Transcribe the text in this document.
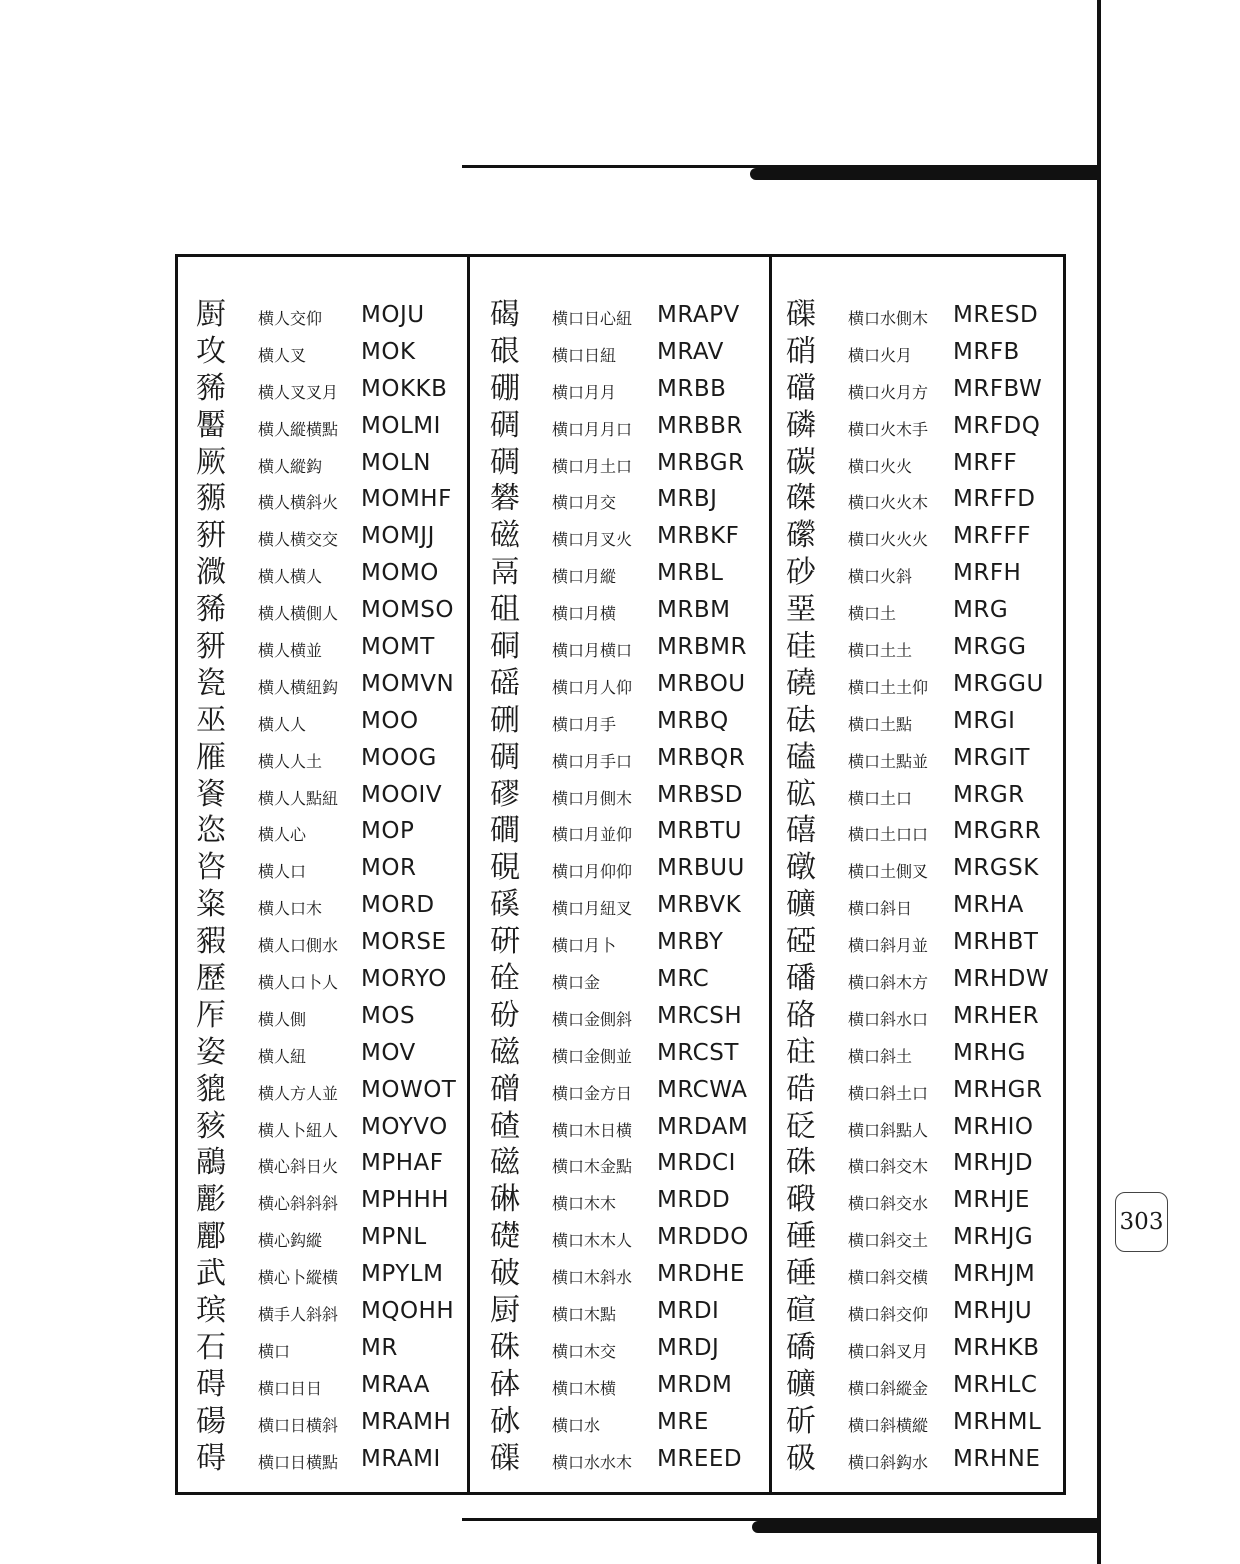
㕑 横人交仰 MOJU
攻 横人叉 MOK
豨 横人叉叉月 MOKKB
靨 横人縱横點 MOLMI
厥 横人縱鈎 MOLN
豲 横人横斜火 MOMHF
豣 横人横交交 MOMJJ
㵟 横人横人 MOMO
豨 横人横側人 MOMSO
豜 横人横並 MOMT
瓷 横人横紐鈎 MOMVN
巫 横人人 MOO
雁 横人人土 MOOG
餈 横人人點紐 MOOIV
恣 横人心 MOP
咨 横人口 MOR
粢 横人口木 MORD
豭 横人口側水 MORSE
歷 横人口卜人 MORYO
厏 横人側 MOS
姿 横人紐 MOV
貔 横人方人並 MOWOT
豥 横人卜紐人 MOYVO
鷊 横心斜日火 MPHAF
彲 横心斜斜斜 MPHHH
酈 横心鈎縱 MPNL
武 横心卜縱横 MPYLM
瑸 横手人斜斜 MQOHH
石 横口	MR
碍 横口日日 MRAA
碭 横口日横斜 MRAMH
碍 横口日横點 MRAMI
碣 横口日心紐 MRAPV
硍 横口日紐 MRAV
硼 横口月月 MRBB
碉 横口月月口 MRBBR
碉 横口月土口 MRBGR
礬 横口月交 MRBJ
磁 横口月叉火 MRBKF
鬲 横口月縱 MRBL
砠 横口月横 MRBM
硐 横口月横口 MRBMR
磘 横口月人仰 MRBOU
硎 横口月手 MRBQ
碉 横口月手口 MRBQR
磟 横口月側木 MRBSD
磵 横口月並仰 MRBTU
硯 横口月仰仰 MRBUU
磎 横口月紐叉 MRBVK
硏 横口月卜 MRBY
硂 横口金 MRC
砏 横口金側斜 MRCSH
磁 横口金側並 MRCST
磳 横口金方日 MRCWA
碴 横口木日横 MRDAM
磁 横口木金點 MRDCI
碄 横口木木 MRDD
礎 横口木木人 MRDDO
破 横口木斜水 MRDHE
厨 横口木點 MRDI
硃 横口木交 MRDJ
砵 横口木横 MRDM
砅 横口水 MRE
磲 横口水水木 MREED
磲 横口水側木 MRESD
硝 横口火月 MRFB
礑 横口火月方 MRFBW
磷 横口火木手 MRFDQ
碳 横口火火 MRFF
磔 横口火火木 MRFFD
礯 横口火火火 MRFFF
砂 横口火斜 MRFH
堊 横口土 MRG
硅 横口土土 MRGG
磽 横口土土仰 MRGGU
砝 横口土點 MRGI
磕 横口土點並 MRGIT
砿 横口土口 MRGR
礂 横口土口口 MRGRR
礅 横口土側叉 MRGSK
礦 横口斜日 MRHA
䃁 横口斜月並 MRHBT
磻 横口斜木方 MRHDW
硌 横口斜水口 MRHER
砫 横口斜土 MRHG
硞 横口斜土口 MRHGR
砭 横口斜點人 MRHIO
硃 横口斜交木 MRHJD
碫 横口斜交水 MRHJE
硾 横口斜交土 MRHJG
硾 横口斜交横 MRHJM
碹 横口斜交仰 MRHJU
礄 横口斜叉月 MRHKB
礦 横口斜縱金 MRHLC
斫 横口斜横縱 MRHML
砐 横口斜鈎水 MRHNE
303
